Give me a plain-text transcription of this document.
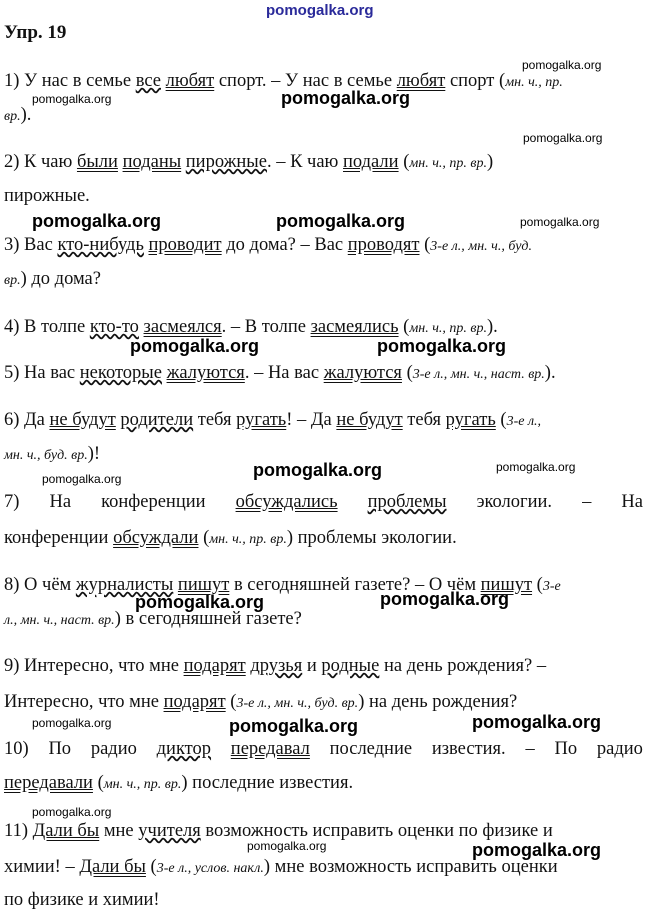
pomogalka.org
pomogalka.org
pomogalka.org	pomogalka.org
pomogalka.org
pomogalka.org	pomogalka.org	pomogalka.org
pomogalka.org	pomogalka.org
pomogalka.org	pomogalka.org
pomogalka.org
pomogalka.org	pomogalka.org
pomogalka.org	pomogalka.org	pomogalka.org
pomogalka.org
pomogalka.org	pomogalka.org
Упр. 19
1) У нас в семье все любят спорт. – У нас в семье любят спорт (мн. ч., пр.
вр.).
2) К чаю были поданы пирожные. – К чаю подали (мн. ч., пр. вр.)
пирожные.
3) Вас кто-нибудь проводит до дома? – Вас проводят (3-е л., мн. ч., буд.
вр.) до дома?
4) В толпе кто-то засмеялся. – В толпе засмеялись (мн. ч., пр. вр.).
5) На вас некоторые жалуются. – На вас жалуются (3-е л., мн. ч., наст. вр.).
6) Да не будут родители тебя ругать! – Да не будут тебя ругать (3-е л.,
мн. ч., буд. вр.)!
7) На конференции обсуждались проблемы экологии. – На
конференции обсуждали (мн. ч., пр. вр.) проблемы экологии.
8) О чём журналисты пишут в сегодняшней газете? – О чём пишут (3-е
л., мн. ч., наст. вр.) в сегодняшней газете?
9) Интересно, что мне подарят друзья и родные на день рождения? –
Интересно, что мне подарят (3-е л., мн. ч., буд. вр.) на день рождения?
10) По радио диктор передавал последние известия. – По радио
передавали (мн. ч., пр. вр.) последние известия.
11) Дали бы мне учителя возможность исправить оценки по физике и
химии! – Дали бы (3-е л., услов. накл.) мне возможность исправить оценки
по физике и химии!
